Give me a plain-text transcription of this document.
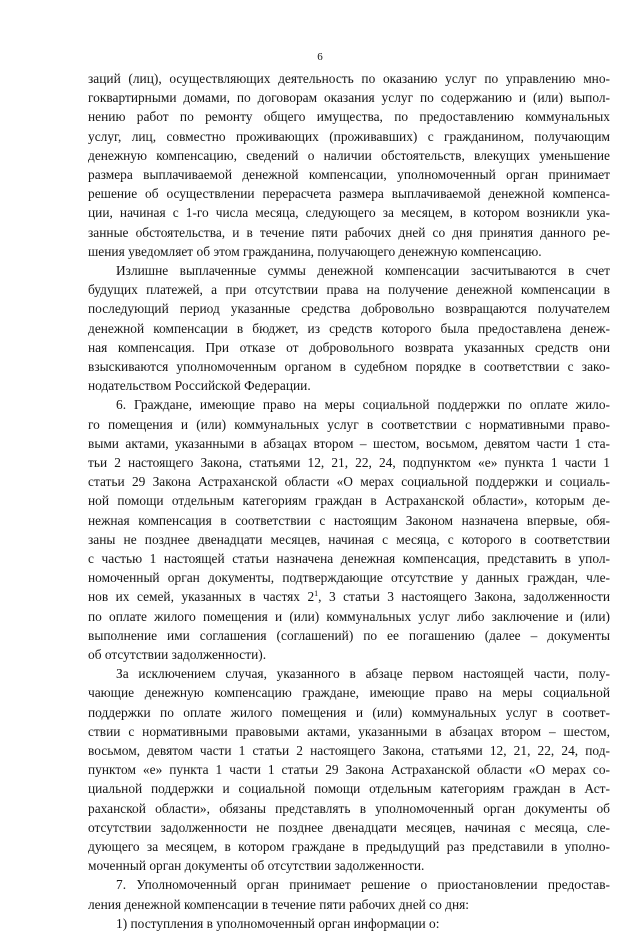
6
заций (лиц), осуществляющих деятельность по оказанию услуг по управлению мно-
гоквартирными домами, по договорам оказания услуг по содержанию и (или) выпол-
нению работ по ремонту общего имущества, по предоставлению коммунальных
услуг, лиц, совместно проживающих (проживавших) с гражданином, получающим
денежную компенсацию, сведений о наличии обстоятельств, влекущих уменьшение
размера выплачиваемой денежной компенсации, уполномоченный орган принимает
решение об осуществлении перерасчета размера выплачиваемой денежной компенса-
ции, начиная с 1-го числа месяца, следующего за месяцем, в котором возникли ука-
занные обстоятельства, и в течение пяти рабочих дней со дня принятия данного ре-
шения уведомляет об этом гражданина, получающего денежную компенсацию.
Излишне выплаченные суммы денежной компенсации засчитываются в счет
будущих платежей, а при отсутствии права на получение денежной компенсации в
последующий период указанные средства добровольно возвращаются получателем
денежной компенсации в бюджет, из средств которого была предоставлена денеж-
ная компенсация. При отказе от добровольного возврата указанных средств они
взыскиваются уполномоченным органом в судебном порядке в соответствии с зако-
нодательством Российской Федерации.
6. Граждане, имеющие право на меры социальной поддержки по оплате жило-
го помещения и (или) коммунальных услуг в соответствии с нормативными право-
выми актами, указанными в абзацах втором – шестом, восьмом, девятом части 1 ста-
тьи 2 настоящего Закона, статьями 12, 21, 22, 24, подпунктом «е» пункта 1 части 1
статьи 29 Закона Астраханской области «О мерах социальной поддержки и социаль-
ной помощи отдельным категориям граждан в Астраханской области», которым де-
нежная компенсация в соответствии с настоящим Законом назначена впервые, обя-
заны не позднее двенадцати месяцев, начиная с месяца, с которого в соответствии
с частью 1 настоящей статьи назначена денежная компенсация, представить в упол-
номоченный орган документы, подтверждающие отсутствие у данных граждан, чле-
нов их семей, указанных в частях $2^1$, 3 статьи 3 настоящего Закона, задолженности
по оплате жилого помещения и (или) коммунальных услуг либо заключение и (или)
выполнение ими соглашения (соглашений) по ее погашению (далее – документы
об отсутствии задолженности).
За исключением случая, указанного в абзаце первом настоящей части, полу-
чающие денежную компенсацию граждане, имеющие право на меры социальной
поддержки по оплате жилого помещения и (или) коммунальных услуг в соответ-
ствии с нормативными правовыми актами, указанными в абзацах втором – шестом,
восьмом, девятом части 1 статьи 2 настоящего Закона, статьями 12, 21, 22, 24, под-
пунктом «е» пункта 1 части 1 статьи 29 Закона Астраханской области «О мерах со-
циальной поддержки и социальной помощи отдельным категориям граждан в Аст-
раханской области», обязаны представлять в уполномоченный орган документы об
отсутствии задолженности не позднее двенадцати месяцев, начиная с месяца, сле-
дующего за месяцем, в котором граждане в предыдущий раз представили в уполно-
моченный орган документы об отсутствии задолженности.
7. Уполномоченный орган принимает решение о приостановлении предостав-
ления денежной компенсации в течение пяти рабочих дней со дня:
1) поступления в уполномоченный орган информации о:
